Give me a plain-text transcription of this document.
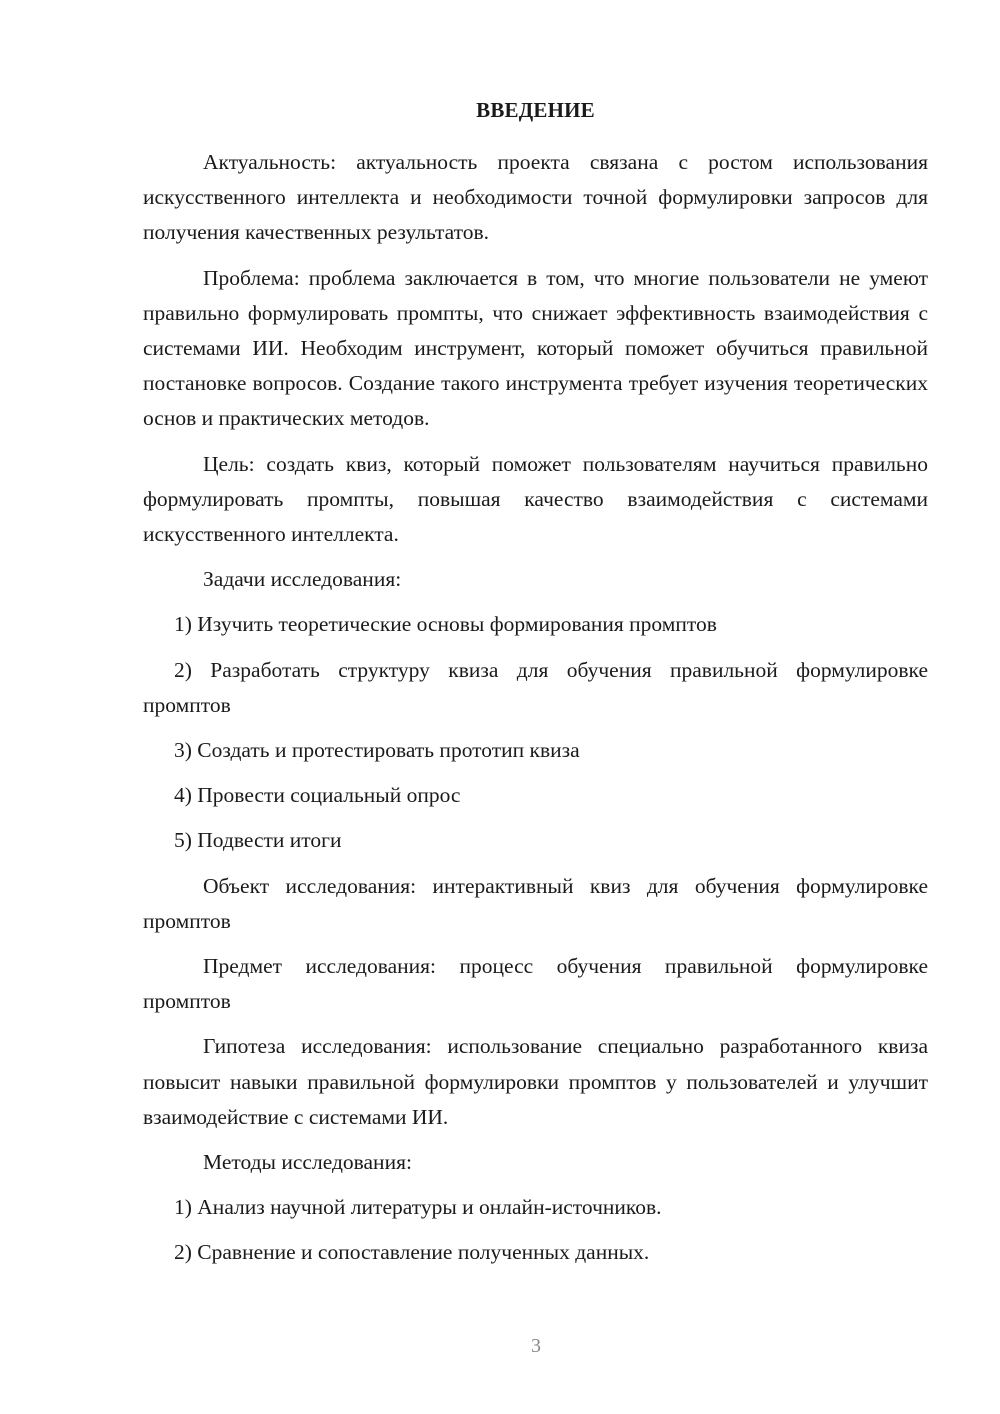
ВВЕДЕНИЕ

Актуальность: актуальность проекта связана с ростом использования искусственного интеллекта и необходимости точной формулировки запросов для получения качественных результатов.

Проблема: проблема заключается в том, что многие пользователи не умеют правильно формулировать промпты, что снижает эффективность взаимодействия с системами ИИ. Необходим инструмент, который поможет обучиться правильной постановке вопросов. Создание такого инструмента требует изучения теоретических основ и практических методов.

Цель: создать квиз, который поможет пользователям научиться правильно формулировать промпты, повышая качество взаимодействия с системами искусственного интеллекта.

Задачи исследования:

1) Изучить теоретические основы формирования промптов

2) Разработать структуру квиза для обучения правильной формулировке промптов

3) Создать и протестировать прототип квиза

4) Провести социальный опрос

5) Подвести итоги

Объект исследования: интерактивный квиз для обучения формулировке промптов

Предмет исследования: процесс обучения правильной формулировке промптов

Гипотеза исследования: использование специально разработанного квиза повысит навыки правильной формулировки промптов у пользователей и улучшит взаимодействие с системами ИИ.

Методы исследования:

1) Анализ научной литературы и онлайн-источников.

2) Сравнение и сопоставление полученных данных.

3
